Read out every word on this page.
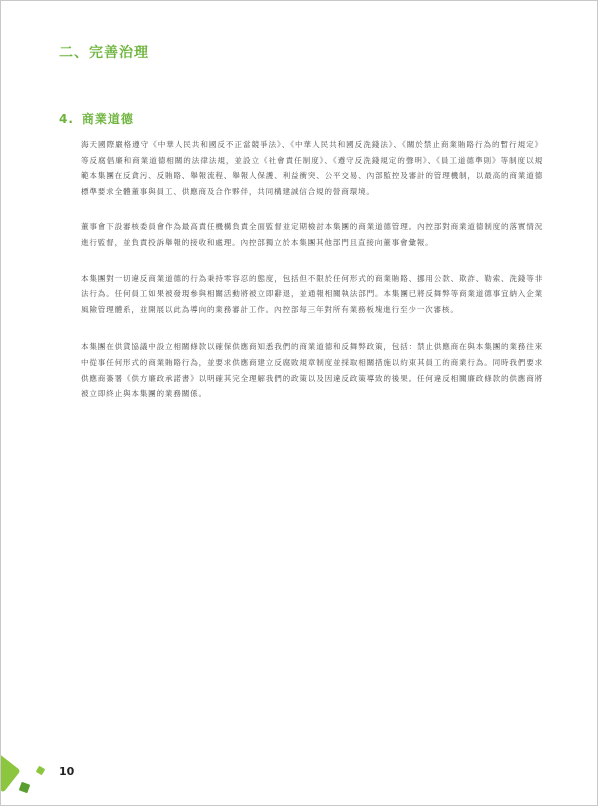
二、完善治理
4. 商業道德

海天國際嚴格遵守《中華人民共和國反不正當競爭法》、《中華人民共和國反洗錢法》、《關於禁止商業賄賂行為的暫行規定》等反腐倡廉和商業道德相關的法律法規，並設立《社會責任制度》、《遵守反洗錢規定的聲明》、《員工道德準則》等制度以規範本集團在反貪污、反賄賂、舉報流程、舉報人保護、利益衝突、公平交易、內部監控及審計的管理機制，以最高的商業道德標準要求全體董事與員工、供應商及合作夥伴，共同構建誠信合規的營商環境。

董事會下設審核委員會作為最高責任機構負責全面監督並定期檢討本集團的商業道德管理。內控部對商業道德制度的落實情況進行監督，並負責投訴舉報的接收和處理。內控部獨立於本集團其他部門且直接向董事會彙報。

本集團對一切違反商業道德的行為秉持零容忍的態度，包括但不限於任何形式的商業賄賂、挪用公款、欺詐、勒索、洗錢等非法行為。任何員工如果被發現參與相關活動將被立即辭退，並通報相關執法部門。本集團已將反舞弊等商業道德事宜納入企業風險管理體系，並開展以此為導向的業務審計工作。內控部每三年對所有業務板塊進行至少一次審核。

本集團在供貨協議中設立相關條款以確保供應商知悉我們的商業道德和反舞弊政策，包括：禁止供應商在與本集團的業務往來中從事任何形式的商業賄賂行為，並要求供應商建立反腐敗規章制度並採取相關措施以約束其員工的商業行為。同時我們要求供應商簽署《供方廉政承諾書》以明確其完全理解我們的政策以及因違反政策導致的後果。任何違反相關廉政條款的供應商將被立即終止與本集團的業務關係。

10
